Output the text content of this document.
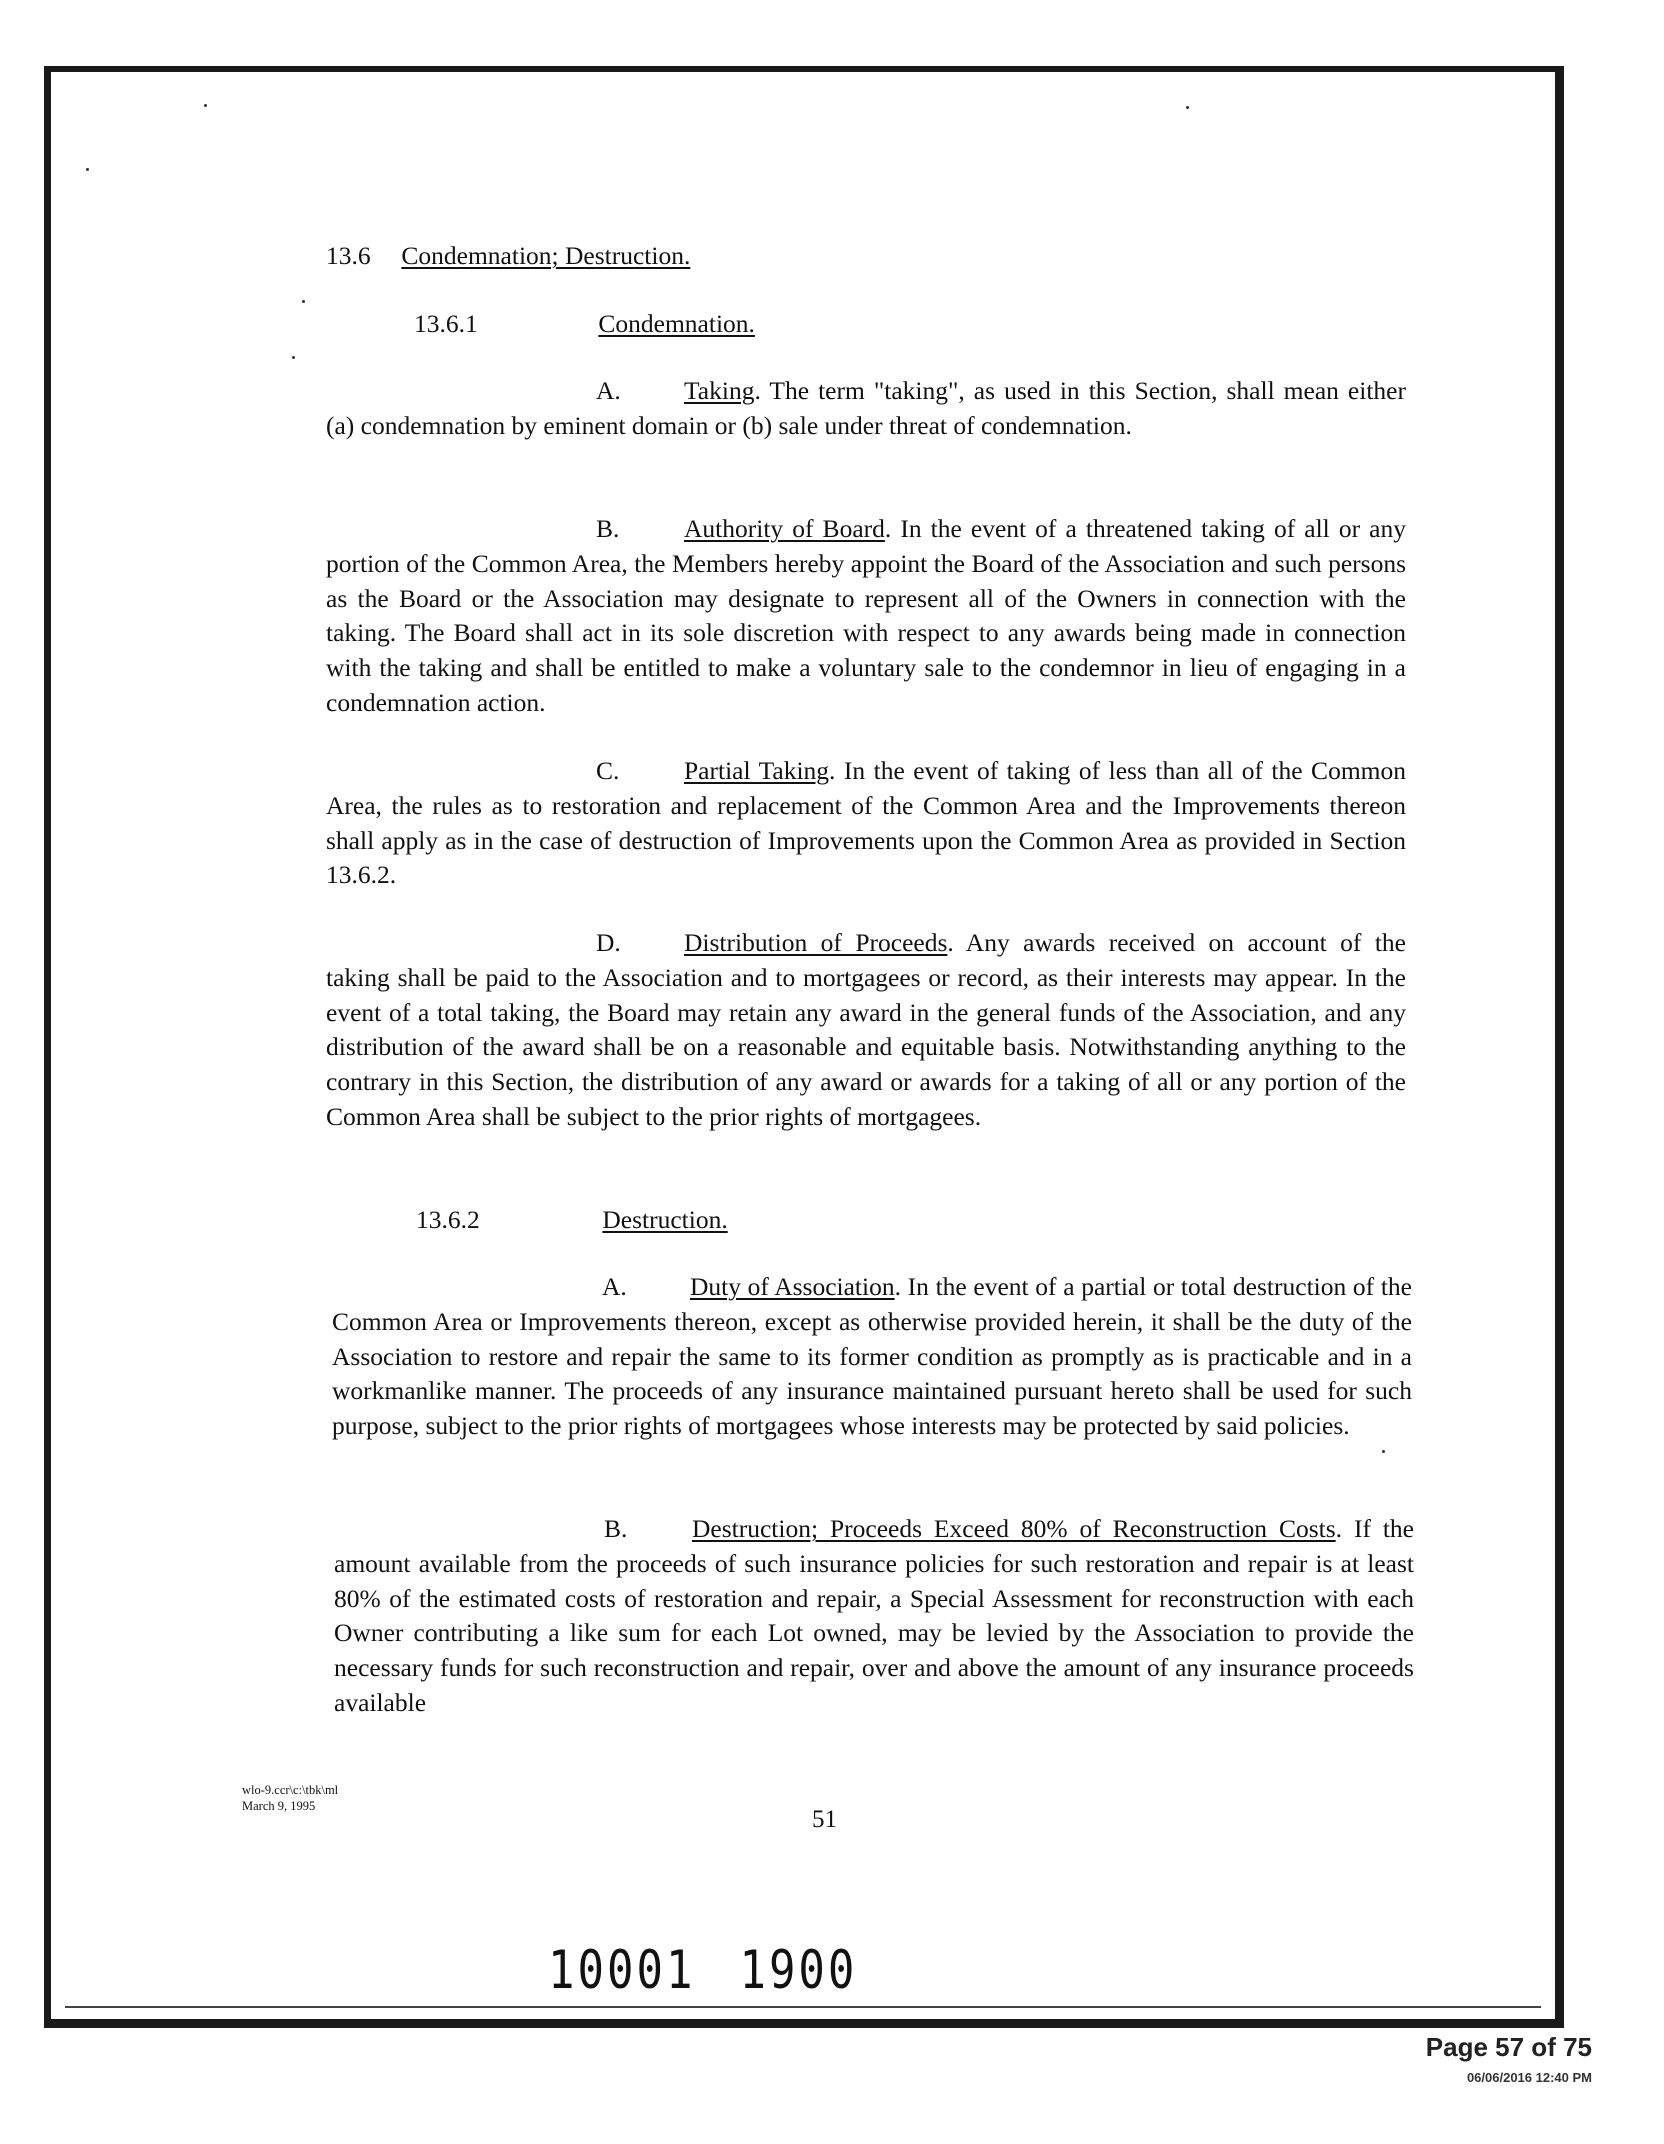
13.6 Condemnation; Destruction.
13.6.1	Condemnation.
A. Taking. The term "taking", as used in this Section, shall mean either (a) condemnation by eminent domain or (b) sale under threat of condemnation.
B.	Authority of Board. In the event of a threatened taking of all or any portion of the Common Area, the Members hereby appoint the Board of the Association and such persons as the Board or the Association may designate to represent all of the Owners in connection with the taking. The Board shall act in its sole discretion with respect to any awards being made in connection with the taking and shall be entitled to make a voluntary sale to the condemnor in lieu of engaging in a condemnation action.
C.	Partial Taking. In the event of taking of less than all of the Common Area, the rules as to restoration and replacement of the Common Area and the Improvements thereon shall apply as in the case of destruction of Improvements upon the Common Area as provided in Section 13.6.2.
D. Distribution of Proceeds. Any awards received on account of the taking shall be paid to the Association and to mortgagees or record, as their interests may appear. In the event of a total taking, the Board may retain any award in the general funds of the Association, and any distribution of the award shall be on a reasonable and equitable basis. Notwithstanding anything to the contrary in this Section, the distribution of any award or awards for a taking of all or any portion of the Common Area shall be subject to the prior rights of mortgagees.
13.6.2	Destruction.
A. Duty of Association. In the event of a partial or total destruction of the Common Area or Improvements thereon, except as otherwise provided herein, it shall be the duty of the Association to restore and repair the same to its former condition as promptly as is practicable and in a workmanlike manner. The proceeds of any insurance maintained pursuant hereto shall be used for such purpose, subject to the prior rights of mortgagees whose interests may be protected by said policies.
B.	Destruction; Proceeds Exceed 80% of Reconstruction Costs. If the amount available from the proceeds of such insurance policies for such restoration and repair is at least 80% of the estimated costs of restoration and repair, a Special Assessment for reconstruction with each Owner contributing a like sum for each Lot owned, may be levied by the Association to provide the necessary funds for such reconstruction and repair, over and above the amount of any insurance proceeds available
wlo-9.ccr\c:\tbk\ml
March 9, 1995	51
10001 1900
Page 57 of 75
06/06/2016 12:40 PM
